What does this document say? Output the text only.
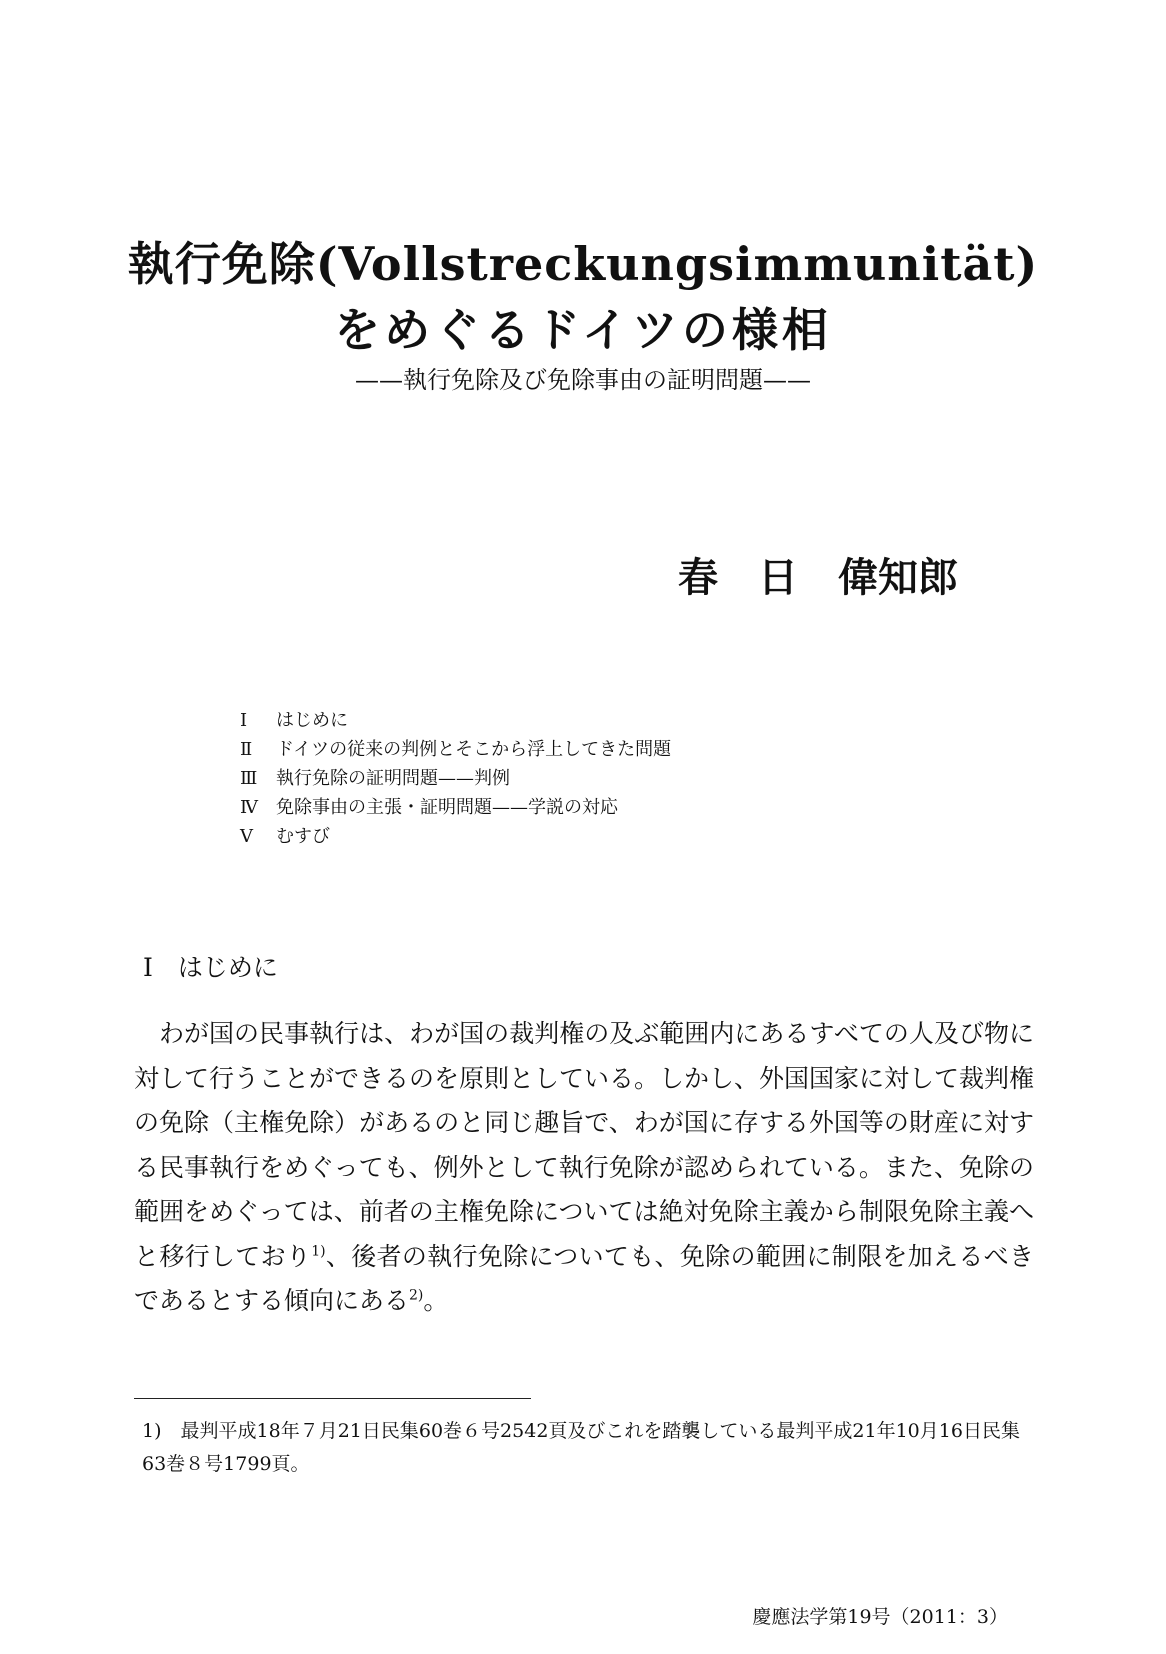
執行免除(Vollstreckungsimmunität)
をめぐるドイツの様相
——執行免除及び免除事由の証明問題——
春　日　偉知郎
Ⅰ	はじめに
Ⅱ	ドイツの従来の判例とそこから浮上してきた問題
Ⅲ	執行免除の証明問題——判例
Ⅳ	免除事由の主張・証明問題——学説の対応
Ⅴ	むすび
Ⅰ　はじめに

わが国の民事執行は、わが国の裁判権の及ぶ範囲内にあるすべての人及び物に対して行うことができるのを原則としている。しかし、外国国家に対して裁判権の免除（主権免除）があるのと同じ趣旨で、わが国に存する外国等の財産に対する民事執行をめぐっても、例外として執行免除が認められている。また、免除の範囲をめぐっては、前者の主権免除については絶対免除主義から制限免除主義へと移行しており$^{1)}$、後者の執行免除についても、免除の範囲に制限を加えるべきであるとする傾向にある$^{2)}$。

1)　 最判平成18年７月21日民集60巻６号2542頁及びこれを踏襲している最判平成21年10月16日民集63巻８号1799頁。

慶應法学第19号（2011：3）
